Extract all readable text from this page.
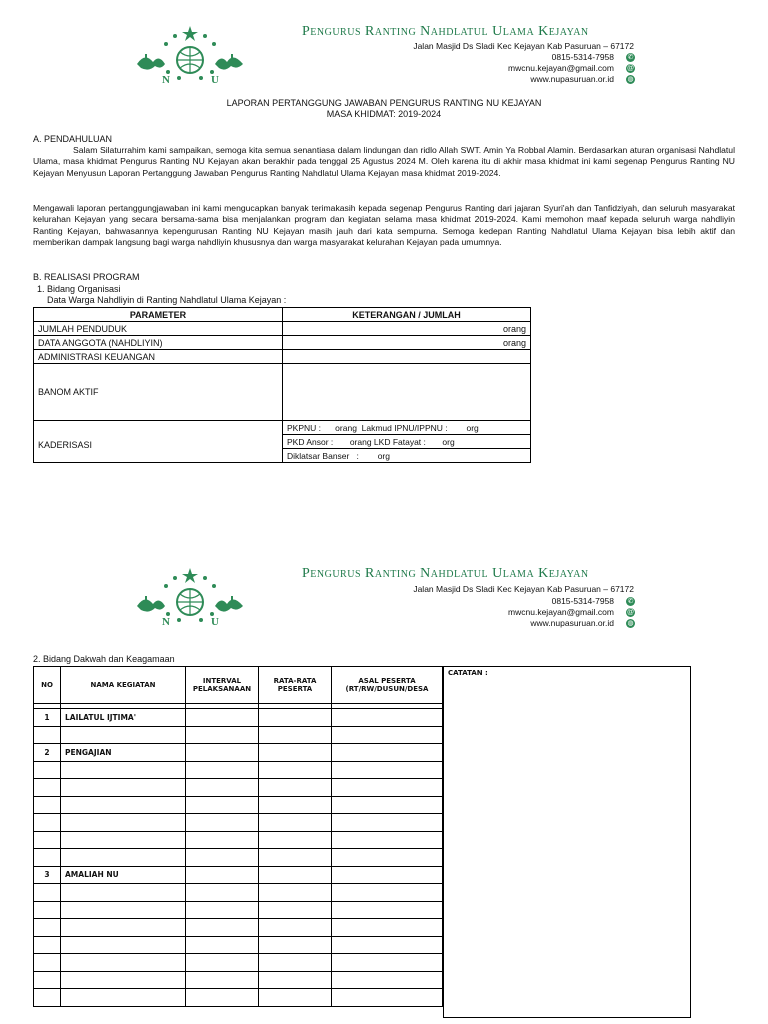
N	U
Pengurus Ranting Nahdlatul Ulama Kejayan
Jalan Masjid Ds Sladi Kec Kejayan Kab Pasuruan – 67172
0815-5314-7958 ✆
mwcnu.kejayan@gmail.com @
www.nupasuruan.or.id ◍
LAPORAN PERTANGGUNG JAWABAN PENGURUS RANTING NU KEJAYAN
MASA KHIDMAT: 2019-2024
A. PENDAHULUAN
Salam Silaturrahim kami sampaikan, semoga kita semua senantiasa dalam lindungan dan ridlo Allah SWT. Amin Ya Robbal Alamin. Berdasarkan aturan organisasi Nahdlatul Ulama, masa khidmat Pengurus Ranting NU Kejayan akan berakhir pada tenggal 25 Agustus 2024 M. Oleh karena itu di akhir masa khidmat ini kami segenap Pengurus Ranting NU Kejayan Menyusun Laporan Pertanggung Jawaban Pengurus Ranting Nahdlatul Ulama Kejayan masa khidmat 2019-2024.
Mengawali laporan pertanggungjawaban ini kami mengucapkan banyak terimakasih kepada segenap Pengurus Ranting dari jajaran Syuri'ah dan Tanfidziyah, dan seluruh masyarakat kelurahan Kejayan yang secara bersama-sama bisa menjalankan program dan kegiatan selama masa khidmat 2019-2024. Kami memohon maaf kepada seluruh warga nahdliyin Ranting Kejayan, bahwasannya kepengurusan Ranting NU Kejayan masih jauh dari kata sempurna. Semoga kedepan Ranting Nahdlatul Ulama Kejayan bisa lebih aktif dan memberikan dampak langsung bagi warga nahdliyin khususnya dan warga masyarakat kelurahan Kejayan pada umumnya.
B. REALISASI PROGRAM
1. Bidang Organisasi
Data Warga Nahdliyin di Ranting Nahdlatul Ulama Kejayan :
PARAMETER	KETERANGAN / JUMLAH
JUMLAH PENDUDUK	orang
DATA ANGGOTA (NAHDLIYIN)	orang
ADMINISTRASI KEUANGAN	
BANOM AKTIF	
KADERISASI	PKPNU :      orang  Lakmud IPNU/IPPNU :        org
	PKD Ansor :       orang LKD Fatayat :       org
	Diklatsar Banser   :        org
N	U
Pengurus Ranting Nahdlatul Ulama Kejayan
Jalan Masjid Ds Sladi Kec Kejayan Kab Pasuruan – 67172
0815-5314-7958 ✆
mwcnu.kejayan@gmail.com @
www.nupasuruan.or.id ◍
2. Bidang Dakwah dan Keagamaan
NO	NAMA KEGIATAN	INTERVAL PELAKSANAAN	RATA-RATA PESERTA	ASAL PESERTA (RT/RW/DUSUN/DESA

1	LAILATUL IJTIMA'			

2	PENGAJIAN			

3	AMALIAH NU			

CATATAN :
